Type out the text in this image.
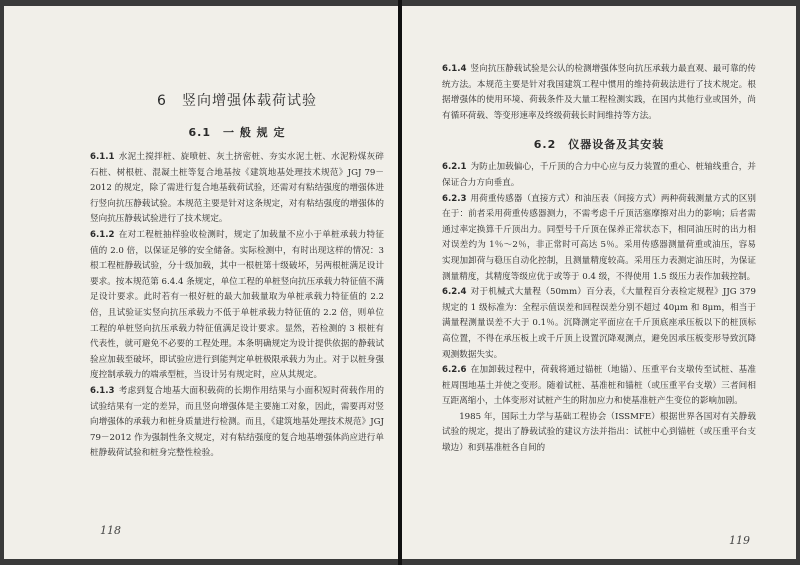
6　竖向增强体载荷试验
6.1　一 般 规 定

6.1.1 水泥土搅拌桩、旋喷桩、灰土挤密桩、夯实水泥土桩、水泥粉煤灰碎石桩、树根桩、混凝土桩等复合地基按《建筑地基处理技术规范》JGJ 79－2012 的规定，除了需进行复合地基载荷试验，还需对有粘结强度的增强体进行竖向抗压静载试验。本规范主要是针对这条规定，对有粘结强度的增强体的竖向抗压静载试验进行了技术规定。

6.1.2 在对工程桩抽样验收检测时，规定了加载量不应小于单桩承载力特征值的 2.0 倍，以保证足够的安全储备。实际检测中，有时出现这样的情况：3 根工程桩静载试验，分十级加载，其中一根桩第十级破坏，另两根桩满足设计要求。按本规范第 6.4.4 条规定，单位工程的单桩竖向抗压承载力特征值不满足设计要求。此时若有一根好桩的最大加载量取为单桩承载力特征值的 2.2 倍，且试验证实竖向抗压承载力不低于单桩承载力特征值的 2.2 倍，则单位工程的单桩竖向抗压承载力特征值满足设计要求。显然，若检测的 3 根桩有代表性，就可避免不必要的工程处理。本条明确规定为设计提供依据的静载试验应加载至破坏，即试验应进行到能判定单桩极限承载力为止。对于以桩身强度控制承载力的端承型桩，当设计另有规定时，应从其规定。

6.1.3 考虑到复合地基大面积载荷的长期作用结果与小面积短时荷载作用的试验结果有一定的差异，而且竖向增强体是主要施工对象，因此，需要再对竖向增强体的承载力和桩身质量进行检测。而且，《建筑地基处理技术规范》JGJ 79－2012 作为强制性条文规定，对有粘结强度的复合地基增强体尚应进行单桩静载荷试验和桩身完整性检验。

118

6.1.4 竖向抗压静载试验是公认的检测增强体竖向抗压承载力最直观、最可靠的传统方法。本规范主要是针对我国建筑工程中惯用的维持荷载法进行了技术规定。根据增强体的使用环境、荷载条件及大量工程检测实践，在国内其他行业或国外，尚有循环荷载、等变形速率及终级荷载长时间维持等方法。

6.2　仪器设备及其安装

6.2.1 为防止加载偏心，千斤顶的合力中心应与反力装置的重心、桩轴线重合，并保证合力方向垂直。

6.2.3 用荷重传感器（直接方式）和油压表（间接方式）两种荷载测量方式的区别在于：前者采用荷重传感器测力，不需考虑千斤顶活塞摩擦对出力的影响；后者需通过率定换算千斤顶出力。同型号千斤顶在保养正常状态下，相同油压时的出力相对误差约为 1％～2％，非正常时可高达 5％。采用传感器测量荷重或油压，容易实现加卸荷与稳压自动化控制，且测量精度较高。采用压力表测定油压时，为保证测量精度，其精度等级应优于或等于 0.4 级，不得使用 1.5 级压力表作加载控制。

6.2.4 对于机械式大量程（50mm）百分表，《大量程百分表检定规程》JJG 379 规定的 1 级标准为：全程示值误差和回程误差分别不超过 40μm 和 8μm，相当于满量程测量误差不大于 0.1％。沉降测定平面应在千斤顶底座承压板以下的桩顶标高位置，不得在承压板上或千斤顶上设置沉降观测点，避免因承压板变形导致沉降观测数据失实。

6.2.6 在加卸载过程中，荷载将通过锚桩（地锚）、压重平台支墩传至试桩、基准桩周围地基土并使之变形。随着试桩、基准桩和锚桩（或压重平台支墩）三者间相互距离缩小，土体变形对试桩产生的附加应力和使基准桩产生变位的影响加剧。

1985 年，国际土力学与基础工程协会（ISSMFE）根据世界各国对有关静载试验的规定，提出了静载试验的建议方法并指出：试桩中心到锚桩（或压重平台支墩边）和到基准桩各自间的

119
